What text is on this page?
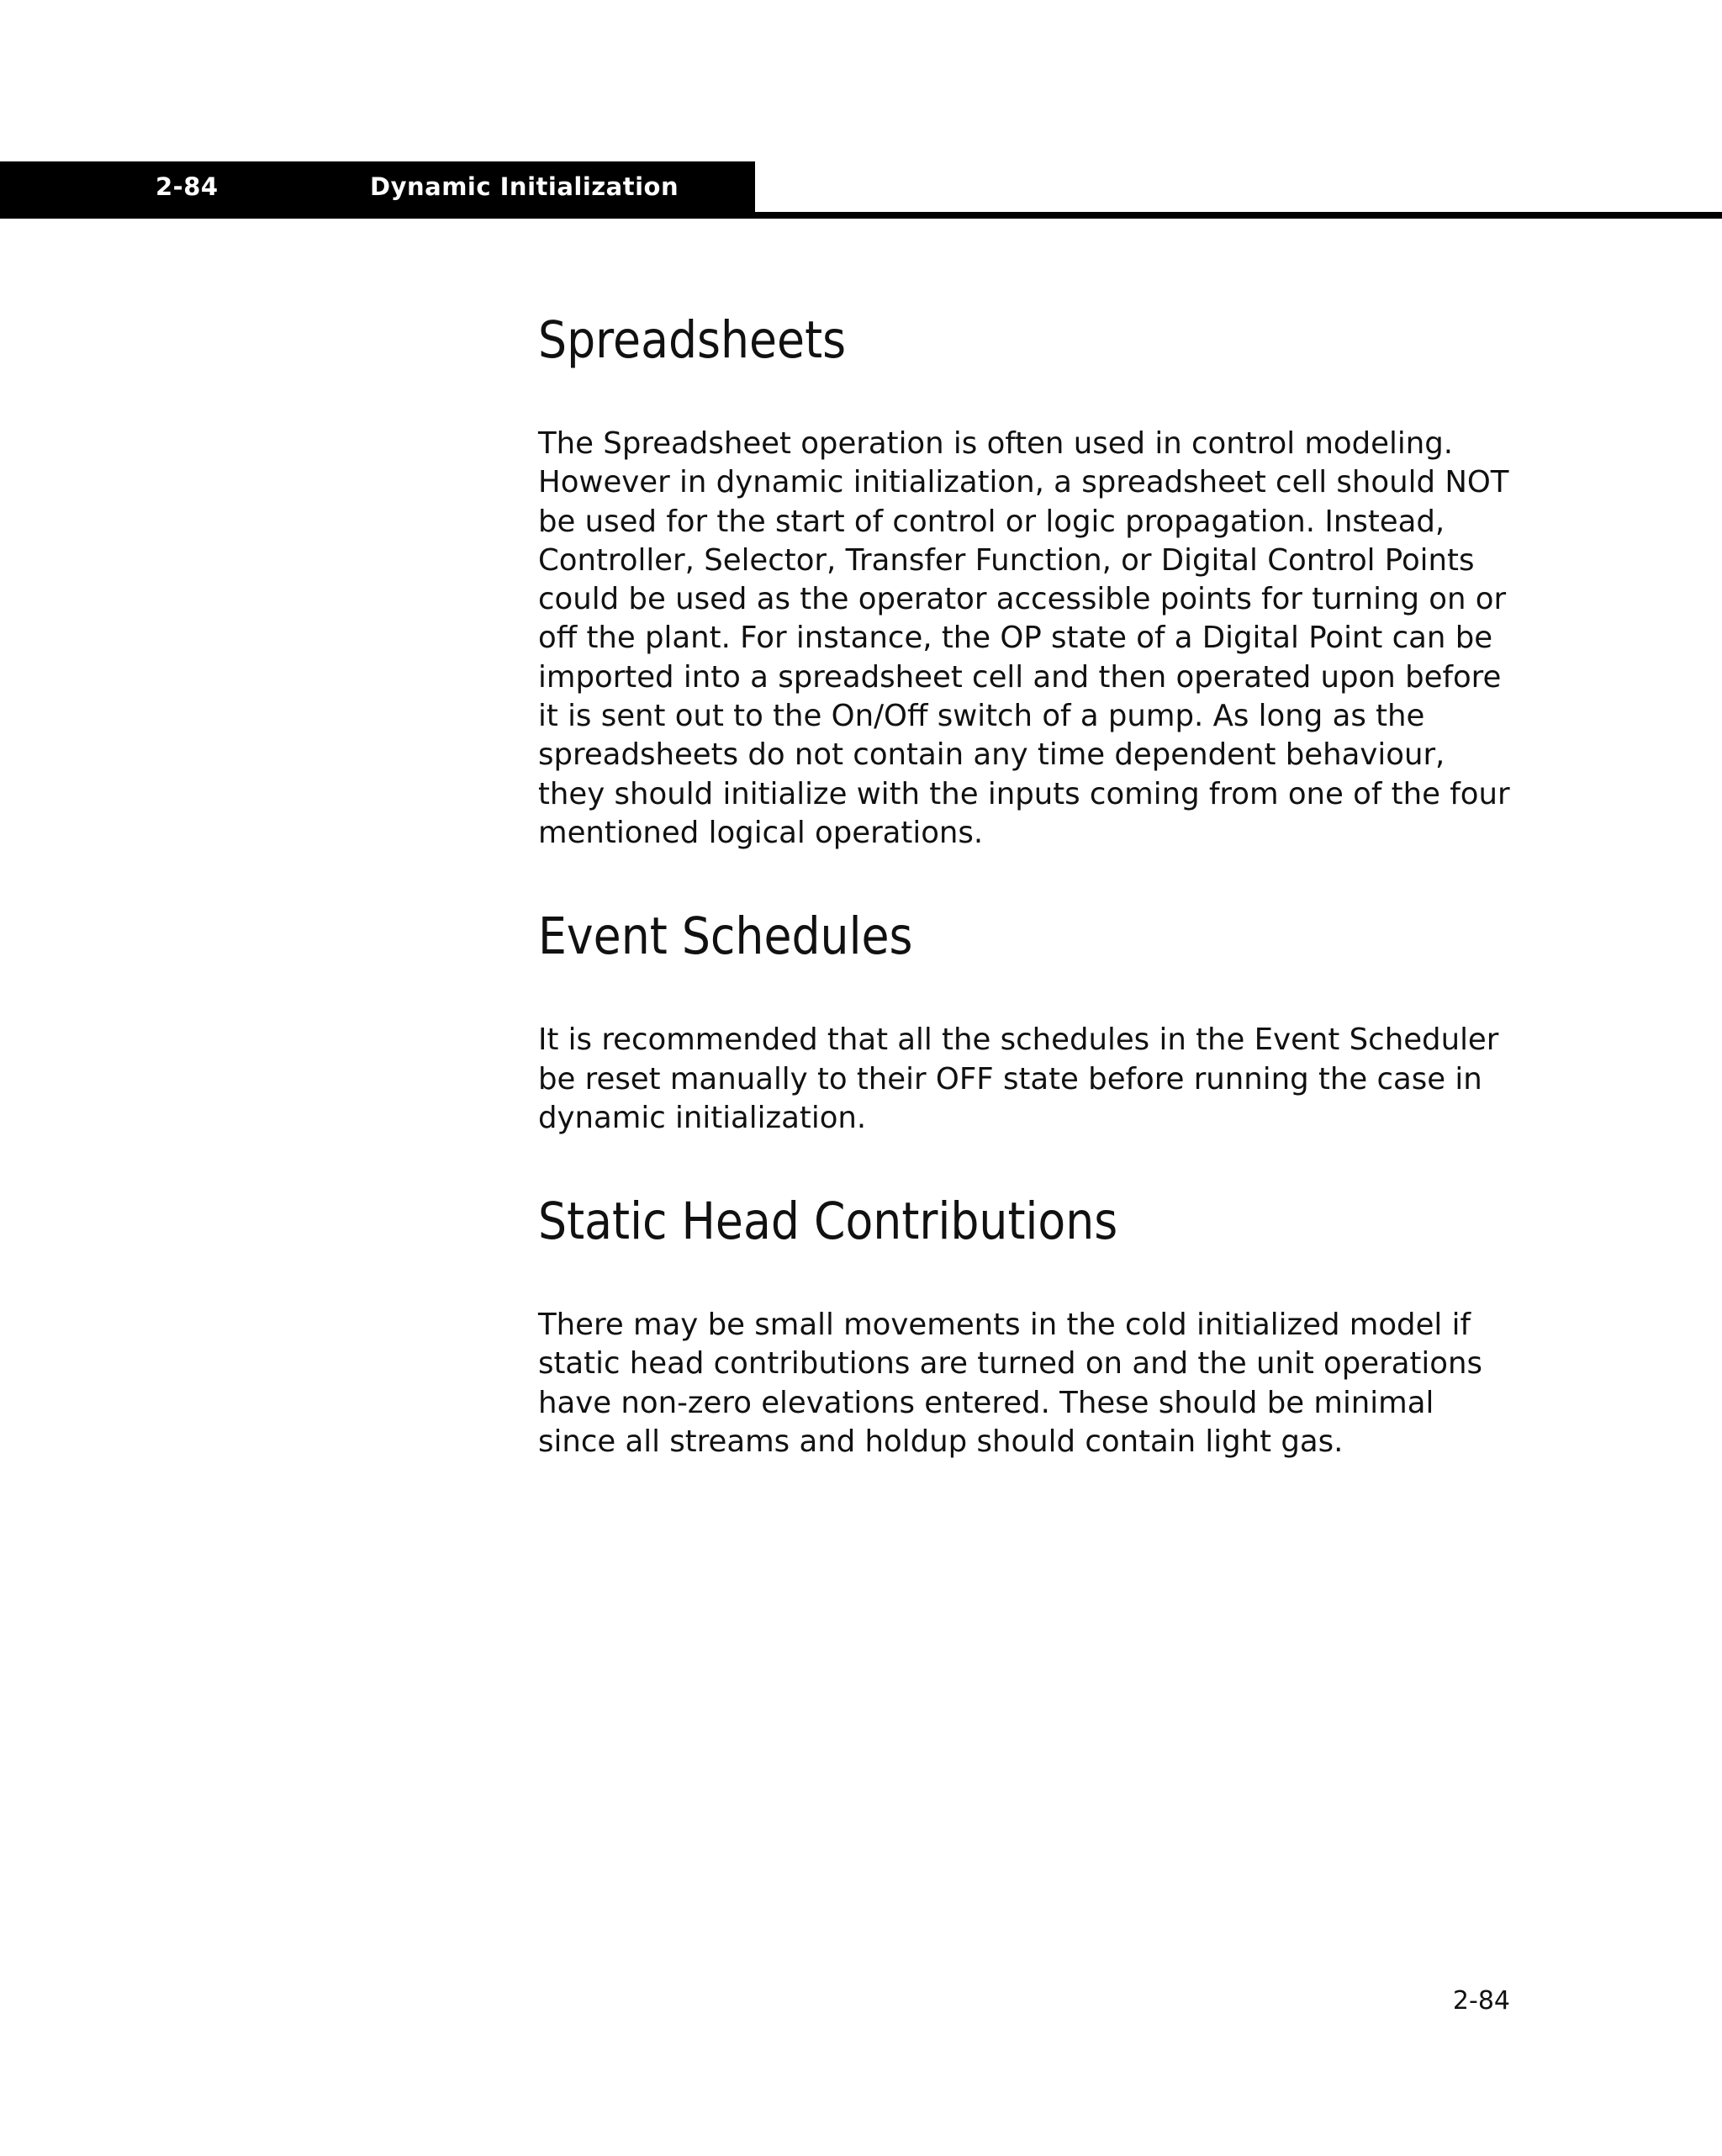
2-84	Dynamic Initialization
Spreadsheets

The Spreadsheet operation is often used in control modeling.
However in dynamic initialization, a spreadsheet cell should NOT
be used for the start of control or logic propagation. Instead,
Controller, Selector, Transfer Function, or Digital Control Points
could be used as the operator accessible points for turning on or
off the plant. For instance, the OP state of a Digital Point can be
imported into a spreadsheet cell and then operated upon before
it is sent out to the On/Off switch of a pump. As long as the
spreadsheets do not contain any time dependent behaviour,
they should initialize with the inputs coming from one of the four
mentioned logical operations.

Event Schedules

It is recommended that all the schedules in the Event Scheduler
be reset manually to their OFF state before running the case in
dynamic initialization.

Static Head Contributions

There may be small movements in the cold initialized model if
static head contributions are turned on and the unit operations
have non-zero elevations entered. These should be minimal
since all streams and holdup should contain light gas.

2-84
